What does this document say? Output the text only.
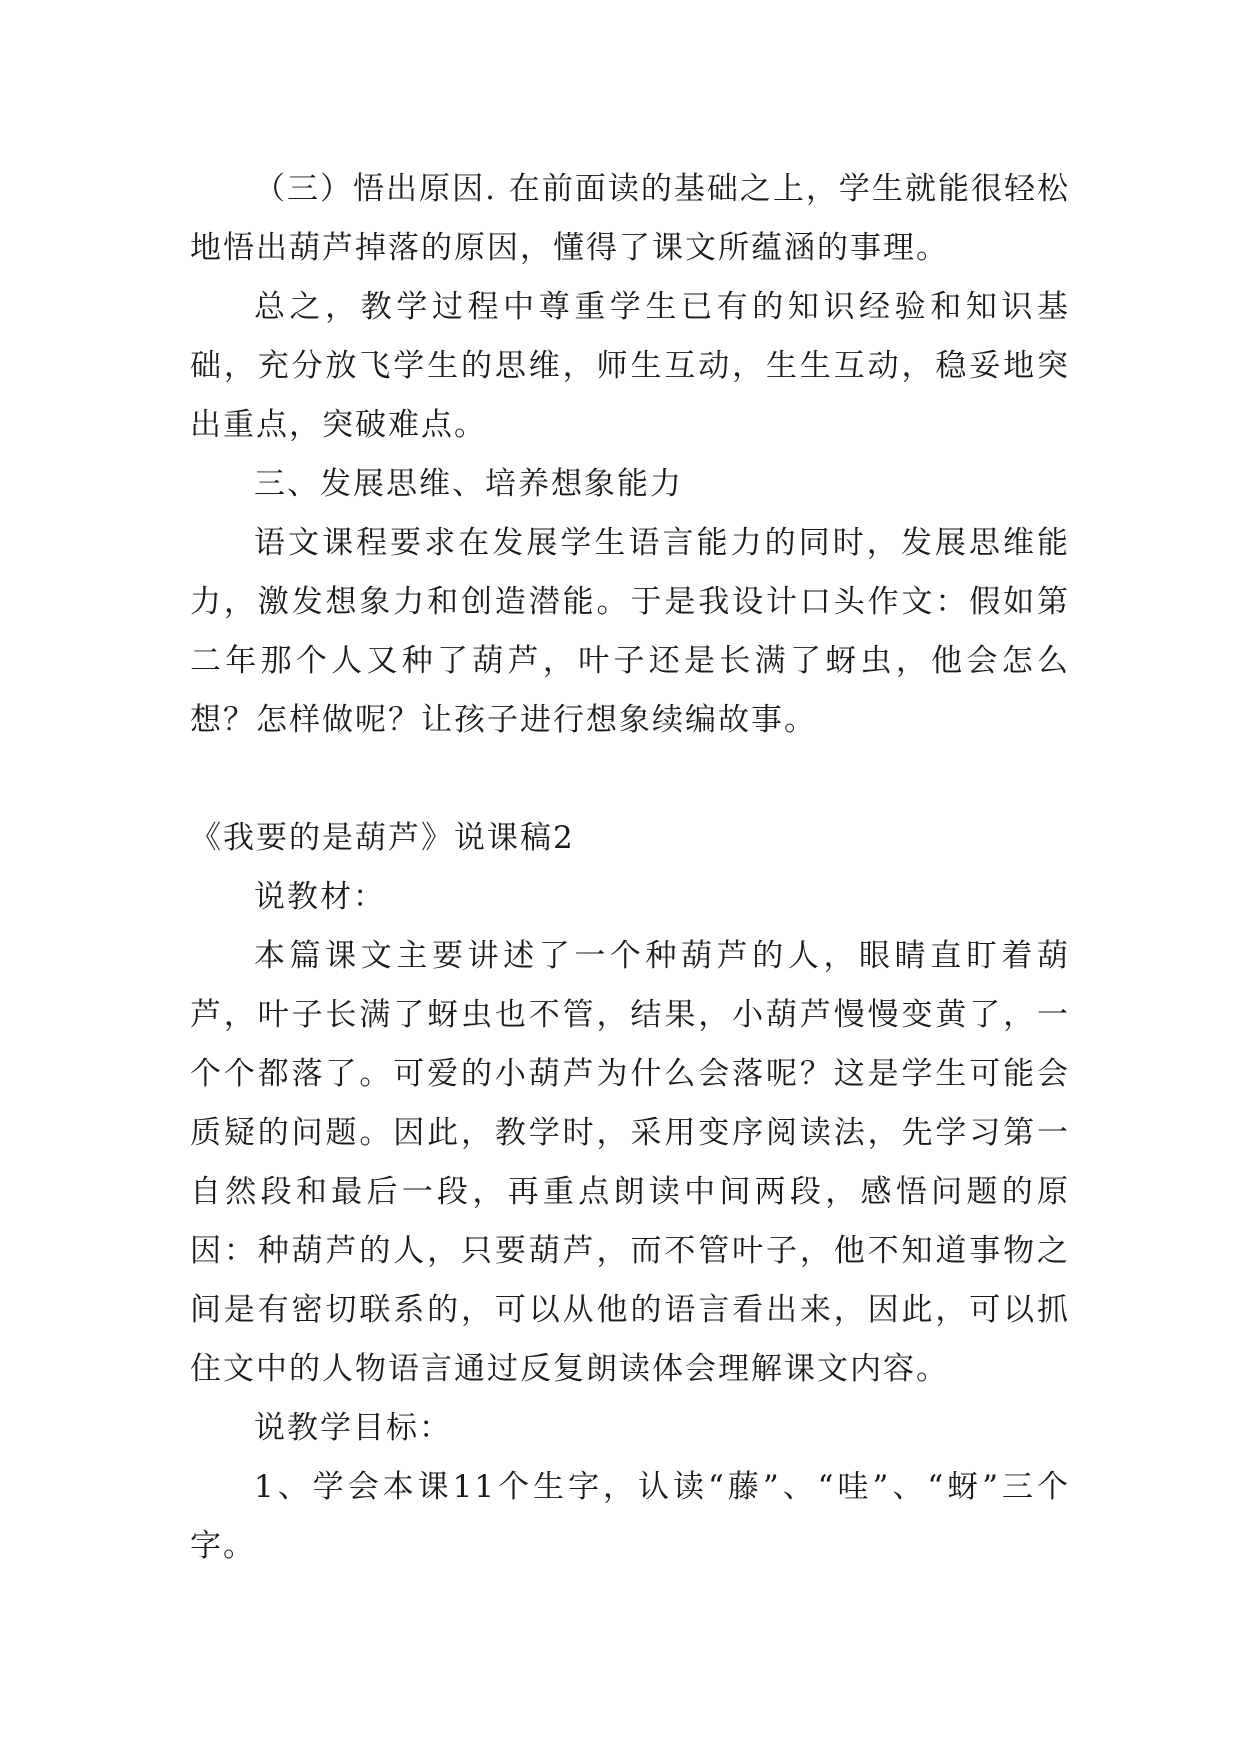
（三）悟出原因. 在前面读的基础之上，学生就能很轻松地悟出葫芦掉落的原因，懂得了课文所蕴涵的事理。

总之，教学过程中尊重学生已有的知识经验和知识基础，充分放飞学生的思维，师生互动，生生互动，稳妥地突出重点，突破难点。

三、发展思维、培养想象能力

语文课程要求在发展学生语言能力的同时，发展思维能力，激发想象力和创造潜能。于是我设计口头作文：假如第二年那个人又种了葫芦，叶子还是长满了蚜虫，他会怎么想？怎样做呢？让孩子进行想象续编故事。

《我要的是葫芦》说课稿2

说教材：

本篇课文主要讲述了一个种葫芦的人，眼睛直盯着葫芦，叶子长满了蚜虫也不管，结果，小葫芦慢慢变黄了，一个个都落了。可爱的小葫芦为什么会落呢？这是学生可能会质疑的问题。因此，教学时，采用变序阅读法，先学习第一自然段和最后一段，再重点朗读中间两段，感悟问题的原因：种葫芦的人，只要葫芦，而不管叶子，他不知道事物之间是有密切联系的，可以从他的语言看出来，因此，可以抓住文中的人物语言通过反复朗读体会理解课文内容。

说教学目标：

1、学会本课11个生字，认读“藤”、“哇”、“蚜”三个字。
